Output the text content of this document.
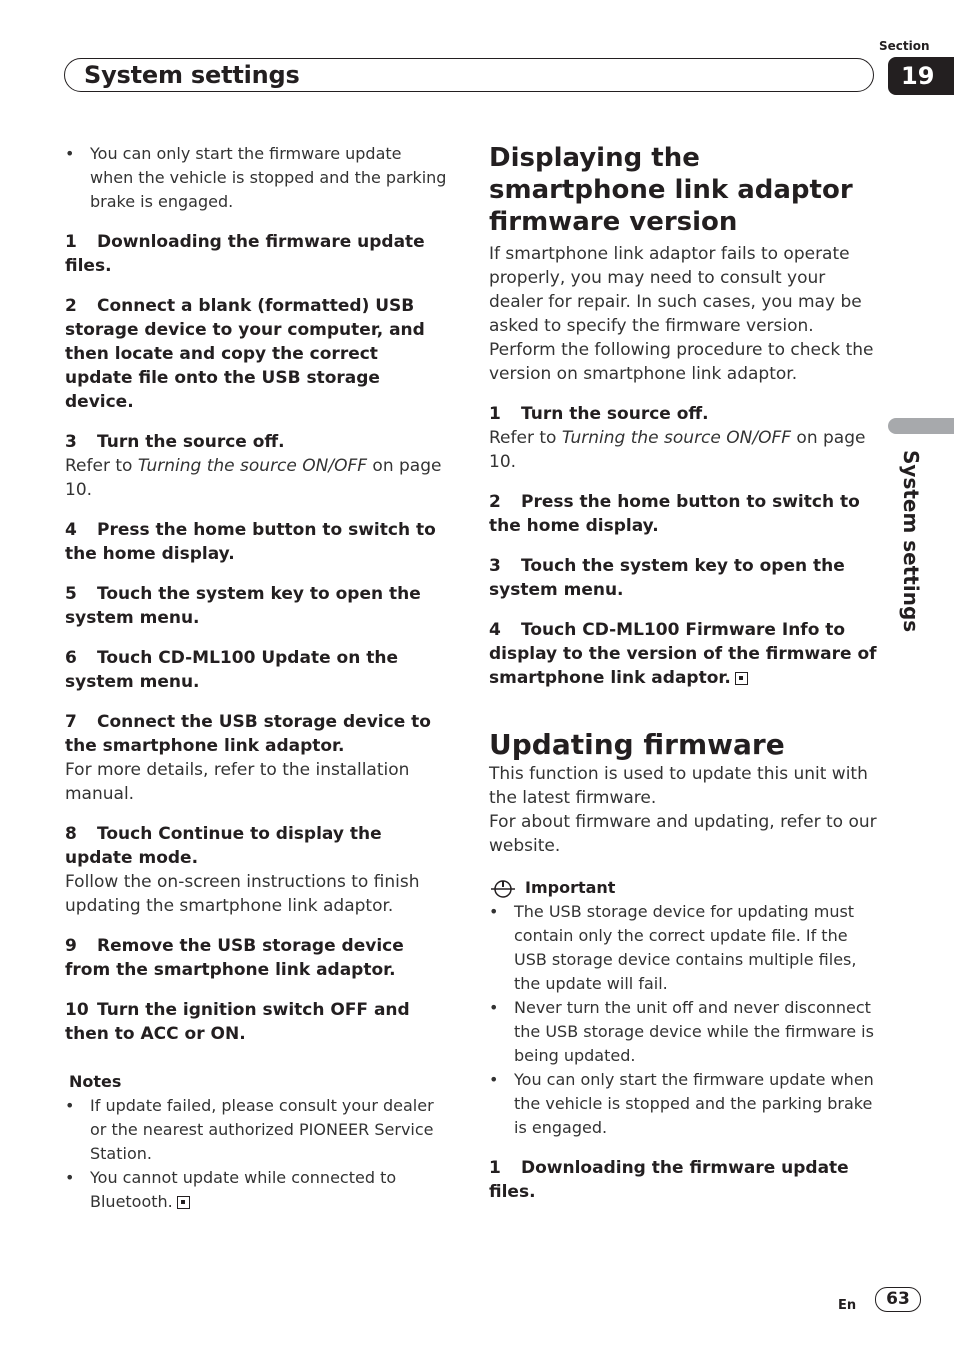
System settings
Section
19
System settings
• You can only start the firmware update when the vehicle is stopped and the parking brake is engaged.
1 Downloading the firmware update files.
2 Connect a blank (formatted) USB storage device to your computer, and then locate and copy the correct update file onto the USB storage device.
3 Turn the source off.

Refer to Turning the source ON/OFF on page 10.

4 Press the home button to switch to the home display.
5 Touch the system key to open the system menu.
6 Touch CD-ML100 Update on the system menu.
7 Connect the USB storage device to the smartphone link adaptor.

For more details, refer to the installation manual.

8 Touch Continue to display the update mode.

Follow the on-screen instructions to finish updating the smartphone link adaptor.

9 Remove the USB storage device from the smartphone link adaptor.
10 Turn the ignition switch OFF and then to ACC or ON.
Notes
• If update failed, please consult your dealer or the nearest authorized PIONEER Service Station.
• You cannot update while connected to Bluetooth.
Displaying the smartphone link adaptor firmware version

If smartphone link adaptor fails to operate properly, you may need to consult your dealer for repair. In such cases, you may be asked to specify the firmware version. Perform the following procedure to check the version on smartphone link adaptor.

1 Turn the source off.

Refer to Turning the source ON/OFF on page 10.

2 Press the home button to switch to the home display.
3 Touch the system key to open the system menu.
4 Touch CD-ML100 Firmware Info to display to the version of the firmware of smartphone link adaptor.
Updating firmware

This function is used to update this unit with the latest firmware.

For about firmware and updating, refer to our website.

Important
• The USB storage device for updating must contain only the correct update file. If the USB storage device contains multiple files, the update will fail.
• Never turn the unit off and never disconnect the USB storage device while the firmware is being updated.
• You can only start the firmware update when the vehicle is stopped and the parking brake is engaged.
1 Downloading the firmware update files.
En	63
